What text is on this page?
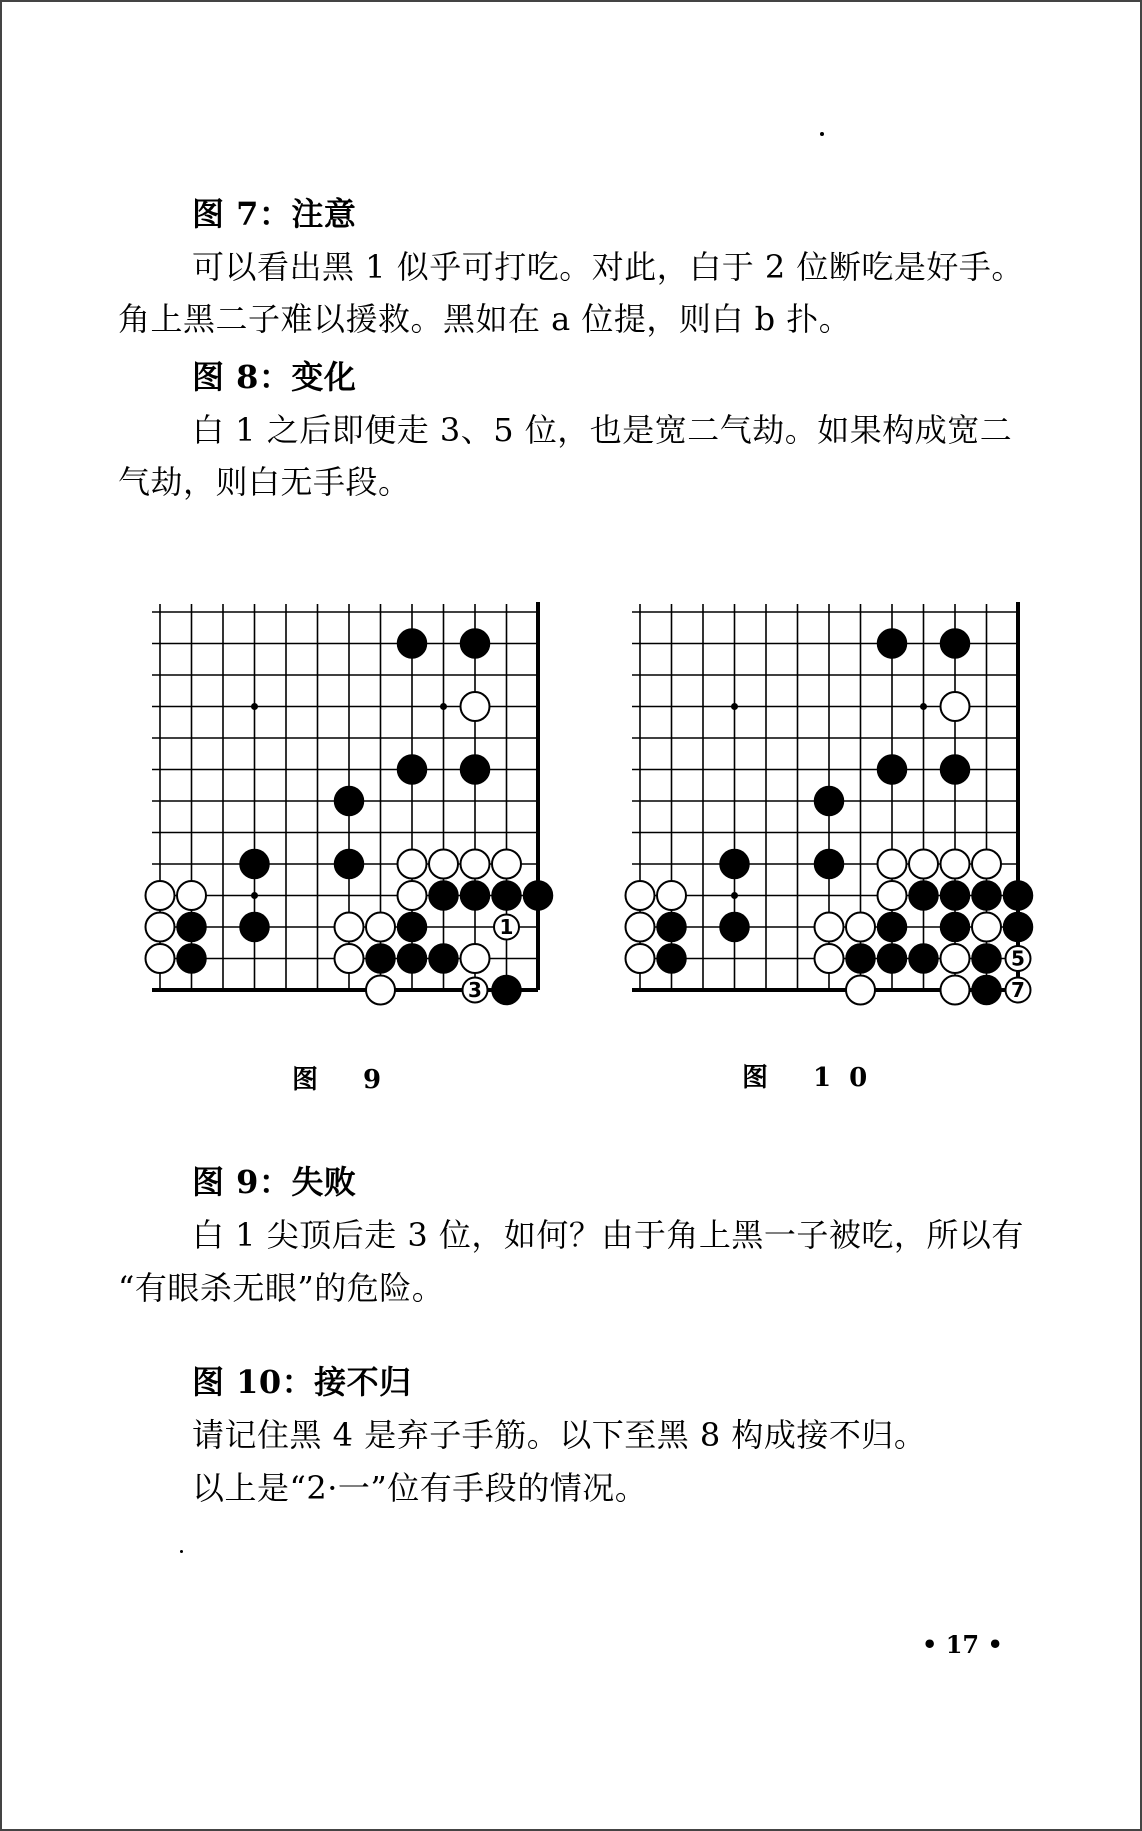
图 7：注意
可以看出黑 1 似乎可打吃。对此，白于 2 位断吃是好手。
角上黑二子难以援救。黑如在 a 位提，则白 b 扑。
图 8：变化
白 1 之后即便走 3、5 位，也是宽二气劫。如果构成宽二
气劫，则白无手段。
1
3
5
7
图 9	图 10
图 9：失败
白 1 尖顶后走 3 位，如何？由于角上黑一子被吃，所以有
“有眼杀无眼”的危险。
图 10：接不归
请记住黑 4 是弃子手筋。以下至黑 8 构成接不归。
以上是“2·一”位有手段的情况。
• 17 •
